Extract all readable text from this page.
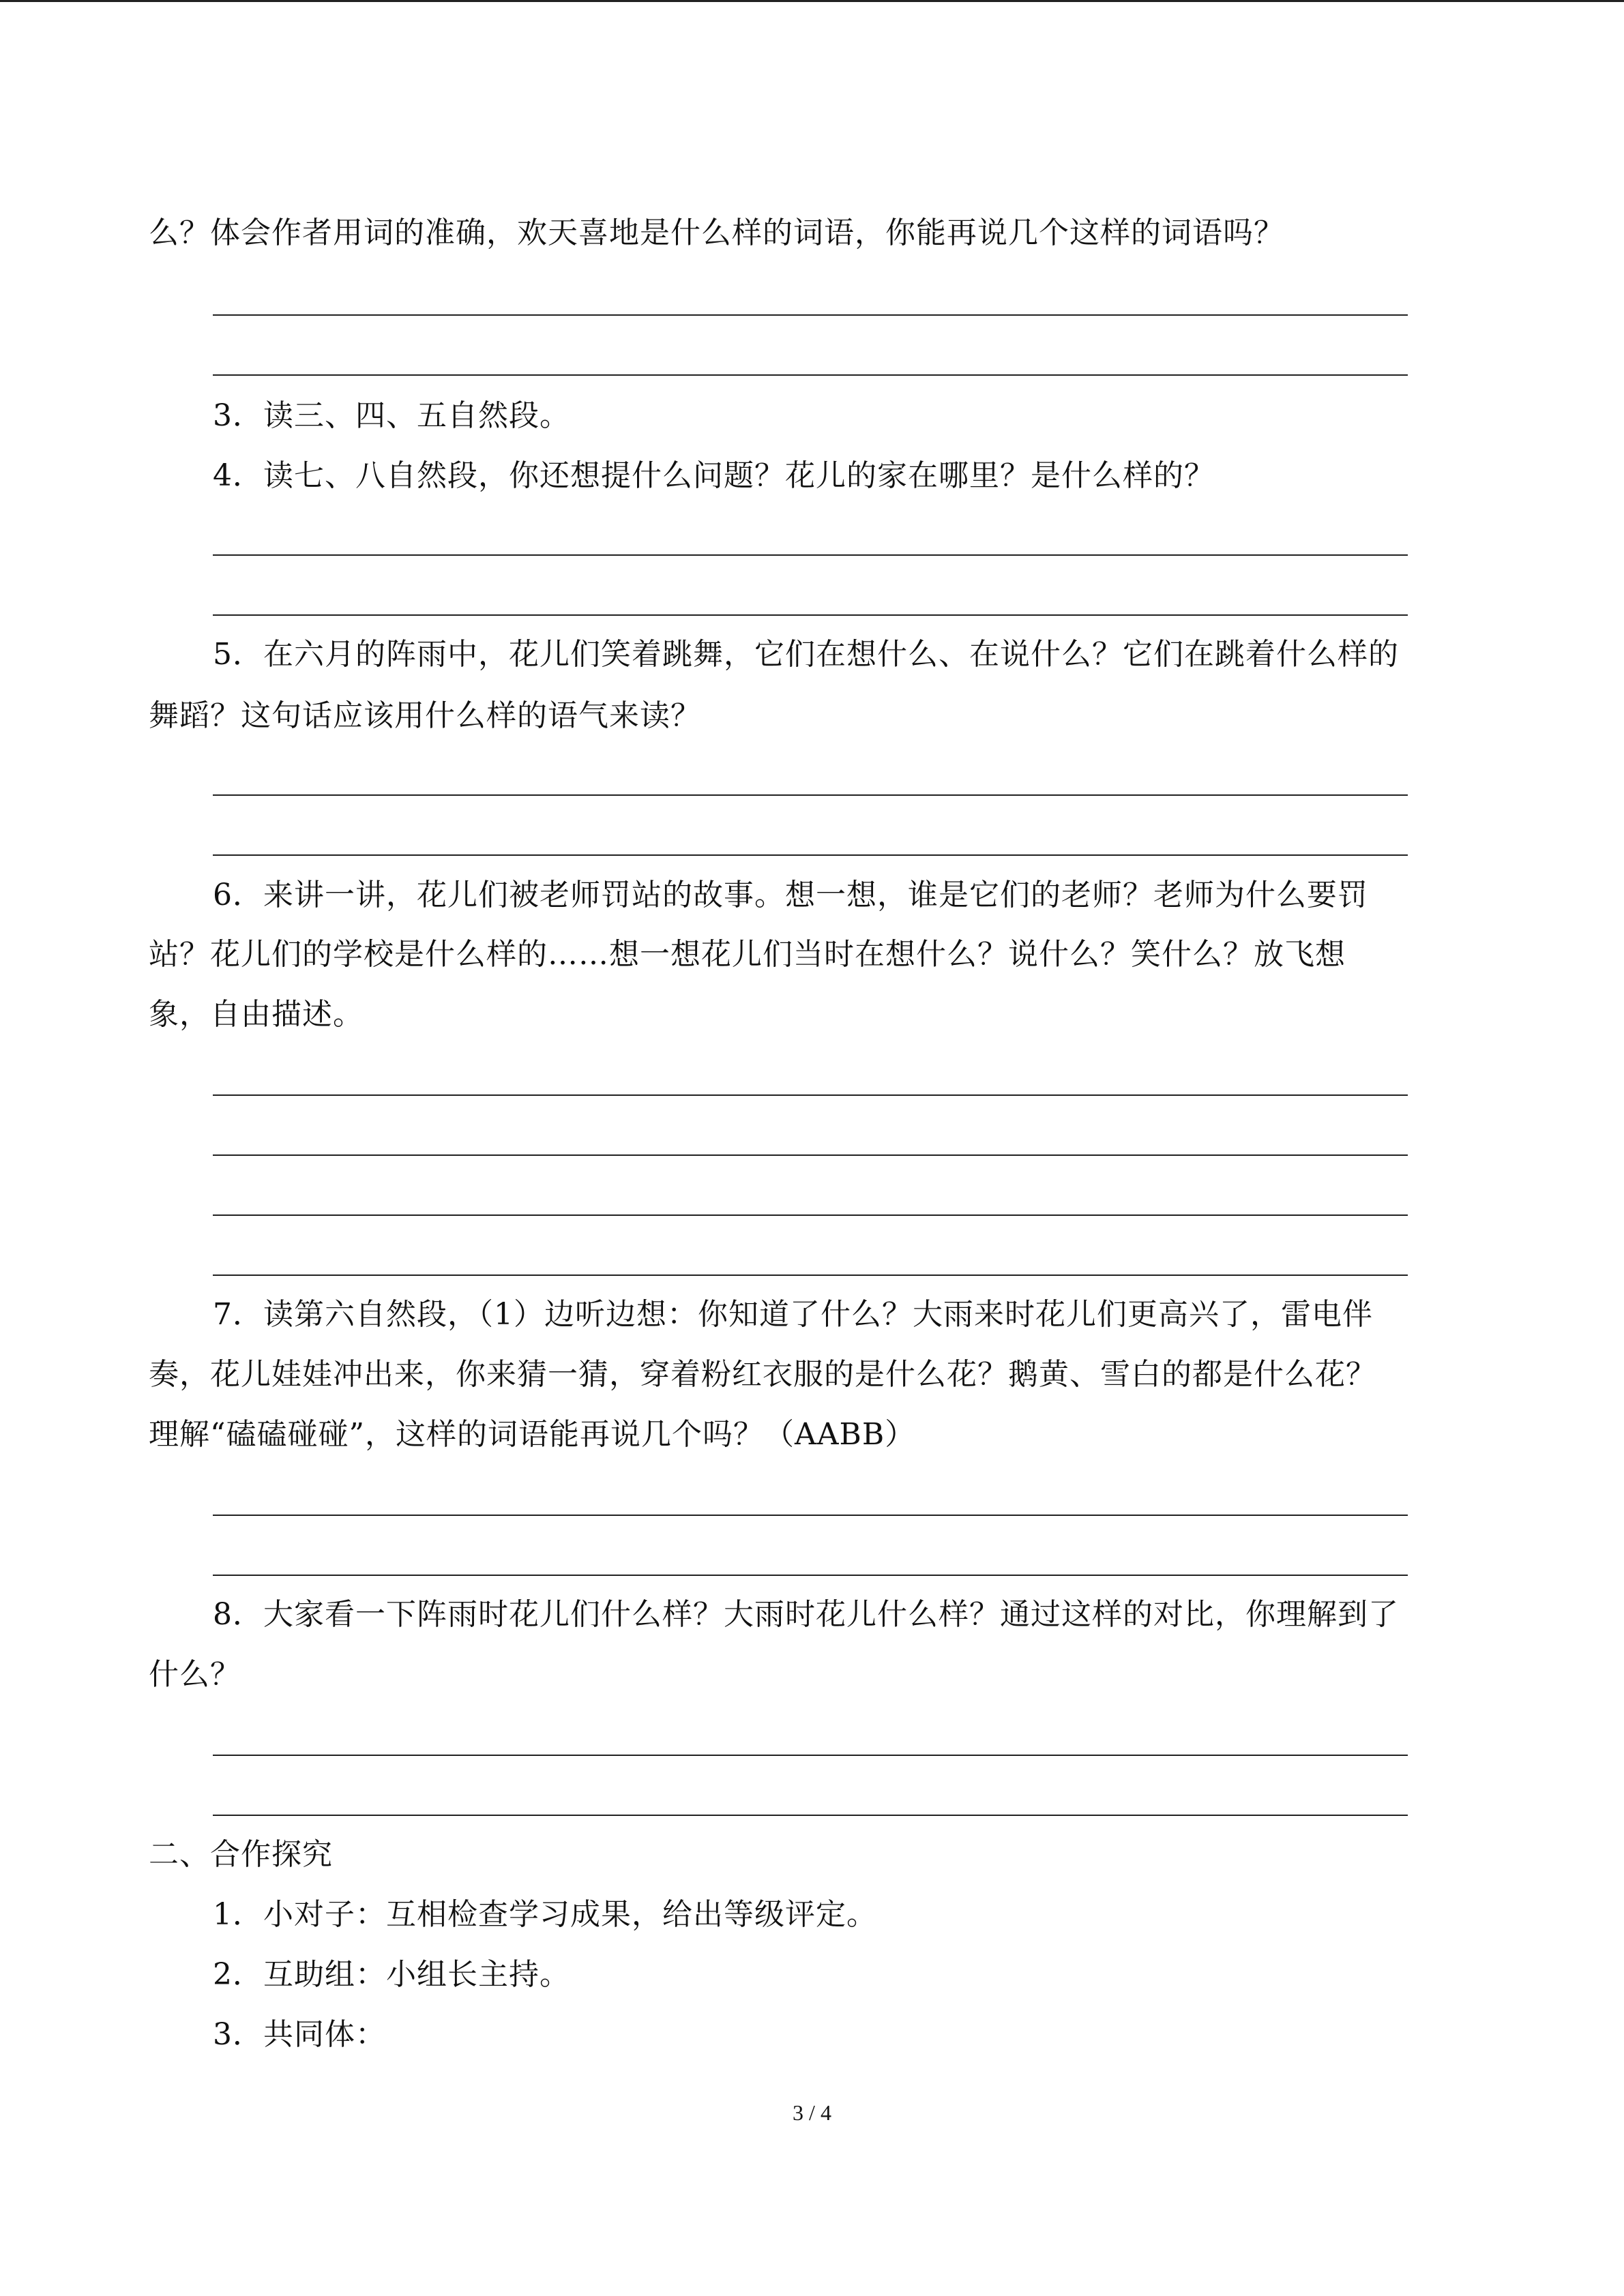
么？体会作者用词的准确，欢天喜地是什么样的词语，你能再说几个这样的词语吗？
3．读三、四、五自然段。
4．读七、八自然段，你还想提什么问题？花儿的家在哪里？是什么样的？
5．在六月的阵雨中，花儿们笑着跳舞，它们在想什么、在说什么？它们在跳着什么样的
舞蹈？这句话应该用什么样的语气来读？
6．来讲一讲，花儿们被老师罚站的故事。想一想，谁是它们的老师？老师为什么要罚
站？花儿们的学校是什么样的……想一想花儿们当时在想什么？说什么？笑什么？放飞想
象，自由描述。
7．读第六自然段，（1）边听边想：你知道了什么？大雨来时花儿们更高兴了，雷电伴
奏，花儿娃娃冲出来，你来猜一猜，穿着粉红衣服的是什么花？鹅黄、雪白的都是什么花？
理解“磕磕碰碰”，这样的词语能再说几个吗？（AABB）
8．大家看一下阵雨时花儿们什么样？大雨时花儿什么样？通过这样的对比，你理解到了
什么？
二、合作探究
1．小对子：互相检查学习成果，给出等级评定。
2．互助组：小组长主持。
3．共同体：
3 / 4
